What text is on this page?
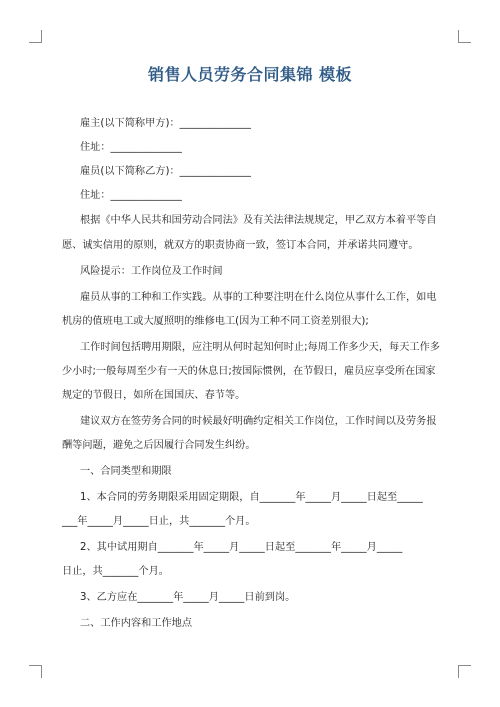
销售人员劳务合同集锦 模板
雇主(以下简称甲方)：______________
住址：______________
雇员(以下简称乙方)：______________
住址：______________
根据《中华人民共和国劳动合同法》及有关法律法规规定，甲乙双方本着平等自
愿、诚实信用的原则，就双方的职责协商一致，签订本合同，并承诺共同遵守。
风险提示：工作岗位及工作时间
雇员从事的工种和工作实践。从事的工种要注明在什么岗位从事什么工作，如电
机房的值班电工或大厦照明的维修电工(因为工种不同工资差别很大);
工作时间包括聘用期限，应注明从何时起知何时止;每周工作多少天，每天工作多
少小时;一般每周至少有一天的休息日;按国际惯例，在节假日，雇员应享受所在国家
规定的节假日，如所在国国庆、春节等。
建议双方在签劳务合同的时候最好明确约定相关工作岗位，工作时间以及劳务报
酬等问题，避免之后因履行合同发生纠纷。
一、合同类型和期限
1、本合同的劳务期限采用固定期限，自_______年_____月_____日起至_____
___年_____月_____日止，共_______个月。
2、其中试用期自_______年_____月_____日起至_______年_____月_____
日止，共_______个月。
3、乙方应在_______年_____月_____日前到岗。
二、工作内容和工作地点
